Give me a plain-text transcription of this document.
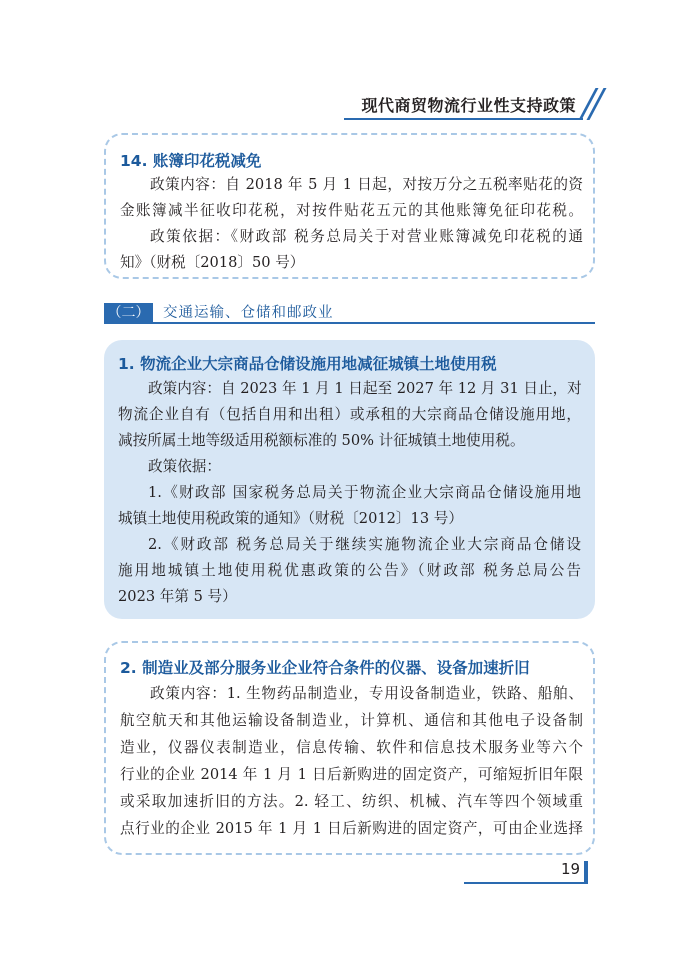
现代商贸物流行业性支持政策
14. 账簿印花税减免
政策内容：自 2018 年 5 月 1 日起，对按万分之五税率贴花的资
金账簿减半征收印花税，对按件贴花五元的其他账簿免征印花税。
政策依据：《财政部 税务总局关于对营业账簿减免印花税的通
知》（财税〔2018〕50 号）
（二） 交通运输、仓储和邮政业
1. 物流企业大宗商品仓储设施用地减征城镇土地使用税
政策内容：自 2023 年 1 月 1 日起至 2027 年 12 月 31 日止，对
物流企业自有（包括自用和出租）或承租的大宗商品仓储设施用地，
减按所属土地等级适用税额标准的 50% 计征城镇土地使用税。
政策依据：
1.《财政部 国家税务总局关于物流企业大宗商品仓储设施用地
城镇土地使用税政策的通知》（财税〔2012〕13 号）
2.《财政部 税务总局关于继续实施物流企业大宗商品仓储设
施用地城镇土地使用税优惠政策的公告》（财政部 税务总局公告
2023 年第 5 号）
2. 制造业及部分服务业企业符合条件的仪器、设备加速折旧
政策内容：1. 生物药品制造业，专用设备制造业，铁路、船舶、
航空航天和其他运输设备制造业，计算机、通信和其他电子设备制
造业，仪器仪表制造业，信息传输、软件和信息技术服务业等六个
行业的企业 2014 年 1 月 1 日后新购进的固定资产，可缩短折旧年限
或采取加速折旧的方法。2. 轻工、纺织、机械、汽车等四个领域重
点行业的企业 2015 年 1 月 1 日后新购进的固定资产，可由企业选择
19
